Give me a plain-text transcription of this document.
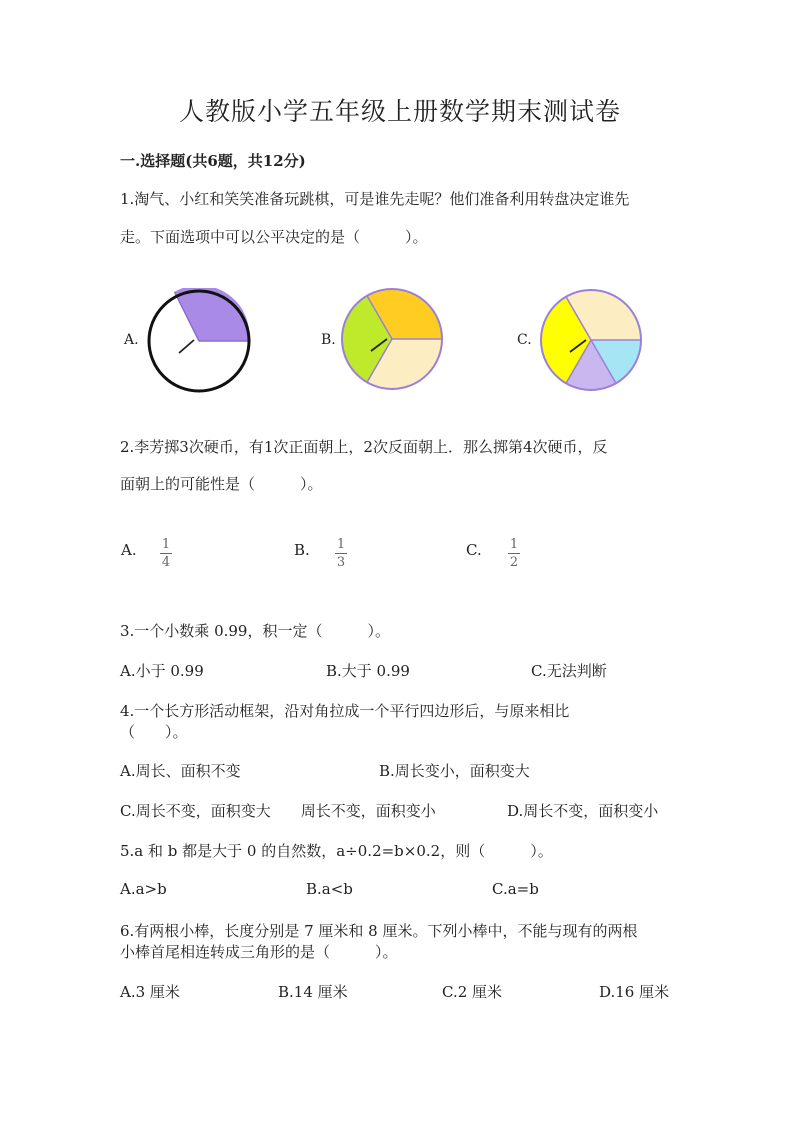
人教版小学五年级上册数学期末测试卷
一.选择题(共6题，共12分)
1.淘气、小红和笑笑准备玩跳棋，可是谁先走呢？他们准备利用转盘决定谁先
走。下面选项中可以公平决定的是（　　　）。
A.	B.	C.
2.李芳掷3次硬币，有1次正面朝上，2次反面朝上．那么掷第4次硬币，反
面朝上的可能性是（　　　）。
A. 1
4
B. 1
3
C. 1
2
3.一个小数乘 0.99，积一定（　　　）。
A.小于 0.99	B.大于 0.99	C.无法判断
4.一个长方形活动框架，沿对角拉成一个平行四边形后，与原来相比
（　　）。
A.周长、面积不变	B.周长变小，面积变大
C.周长不变，面积变大　　周长不变，面积变小	D.周长不变，面积变小
5.a 和 b 都是大于 0 的自然数，a÷0.2=b×0.2，则（　　　）。
A.a>b	B.a<b	C.a=b
6.有两根小棒，长度分别是 7 厘米和 8 厘米。下列小棒中，不能与现有的两根
小棒首尾相连转成三角形的是（　　　）。
A.3 厘米	B.14 厘米	C.2 厘米	D.16 厘米
